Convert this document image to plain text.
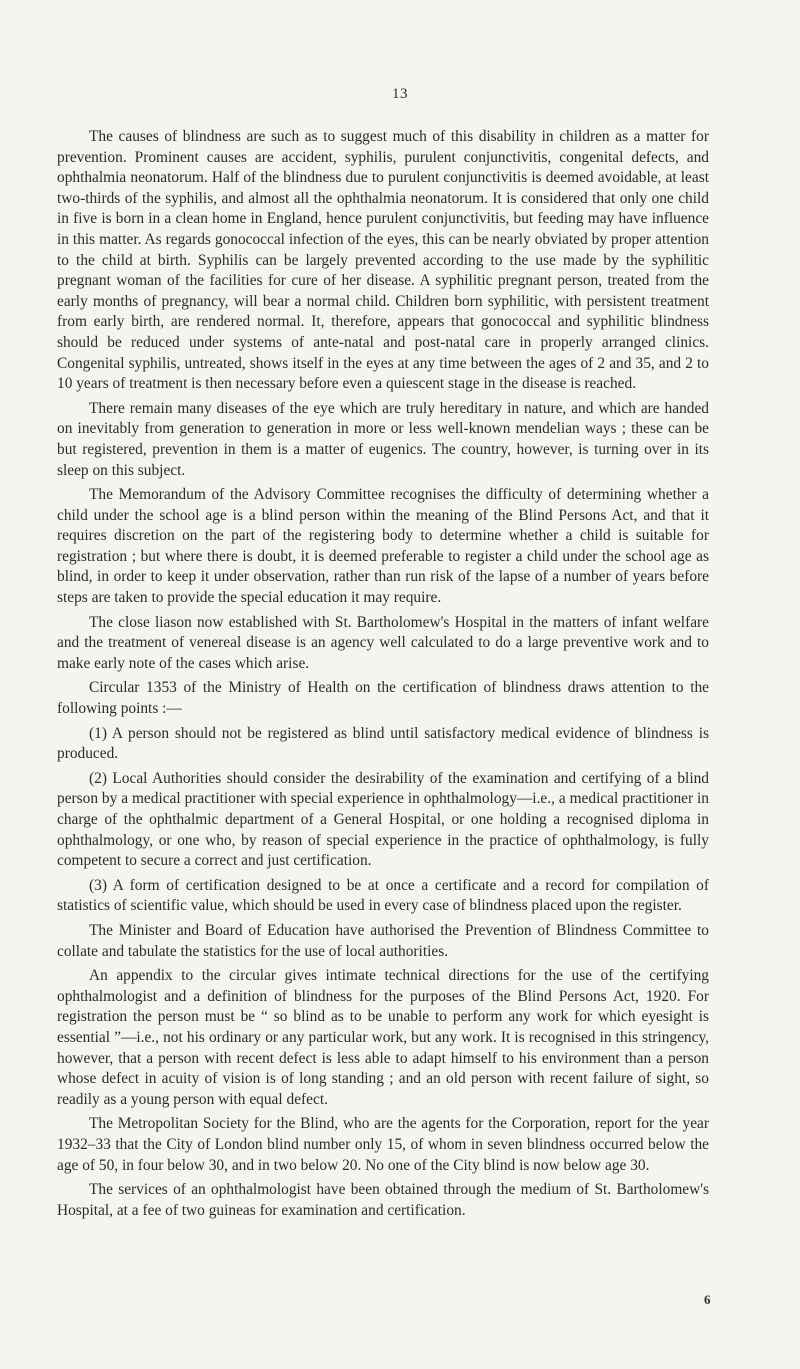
13

The causes of blindness are such as to suggest much of this disability in children as a matter for prevention. Prominent causes are accident, syphilis, purulent conjunctivitis, congenital defects, and ophthalmia neonatorum. Half of the blindness due to purulent conjunctivitis is deemed avoidable, at least two-thirds of the syphilis, and almost all the ophthalmia neonatorum. It is considered that only one child in five is born in a clean home in England, hence purulent conjunctivitis, but feeding may have influence in this matter. As regards gonococcal infection of the eyes, this can be nearly obviated by proper attention to the child at birth. Syphilis can be largely prevented according to the use made by the syphilitic pregnant woman of the facilities for cure of her disease. A syphilitic pregnant person, treated from the early months of pregnancy, will bear a normal child. Children born syphilitic, with persistent treatment from early birth, are rendered normal. It, therefore, appears that gonococcal and syphilitic blindness should be reduced under systems of ante-natal and post-natal care in properly arranged clinics. Congenital syphilis, untreated, shows itself in the eyes at any time between the ages of 2 and 35, and 2 to 10 years of treatment is then necessary before even a quiescent stage in the disease is reached.

There remain many diseases of the eye which are truly hereditary in nature, and which are handed on inevitably from generation to generation in more or less well-known mendelian ways ; these can be but registered, prevention in them is a matter of eugenics. The country, however, is turning over in its sleep on this subject.

The Memorandum of the Advisory Committee recognises the difficulty of determining whether a child under the school age is a blind person within the meaning of the Blind Persons Act, and that it requires discretion on the part of the registering body to determine whether a child is suitable for registration ; but where there is doubt, it is deemed preferable to register a child under the school age as blind, in order to keep it under observation, rather than run risk of the lapse of a number of years before steps are taken to provide the special education it may require.

The close liason now established with St. Bartholomew's Hospital in the matters of infant welfare and the treatment of venereal disease is an agency well calculated to do a large preventive work and to make early note of the cases which arise.

Circular 1353 of the Ministry of Health on the certification of blindness draws attention to the following points :—

(1) A person should not be registered as blind until satisfactory medical evidence of blindness is produced.

(2) Local Authorities should consider the desirability of the examination and certifying of a blind person by a medical practitioner with special experience in ophthalmology—i.e., a medical practitioner in charge of the ophthalmic department of a General Hospital, or one holding a recognised diploma in ophthalmology, or one who, by reason of special experience in the practice of ophthalmology, is fully competent to secure a correct and just certification.

(3) A form of certification designed to be at once a certificate and a record for compilation of statistics of scientific value, which should be used in every case of blindness placed upon the register.

The Minister and Board of Education have authorised the Prevention of Blindness Committee to collate and tabulate the statistics for the use of local authorities.

An appendix to the circular gives intimate technical directions for the use of the certifying ophthalmologist and a definition of blindness for the purposes of the Blind Persons Act, 1920. For registration the person must be “ so blind as to be unable to perform any work for which eyesight is essential ”—i.e., not his ordinary or any particular work, but any work. It is recognised in this stringency, however, that a person with recent defect is less able to adapt himself to his environment than a person whose defect in acuity of vision is of long standing ; and an old person with recent failure of sight, so readily as a young person with equal defect.

The Metropolitan Society for the Blind, who are the agents for the Corporation, report for the year 1932–33 that the City of London blind number only 15, of whom in seven blindness occurred below the age of 50, in four below 30, and in two below 20. No one of the City blind is now below age 30.

The services of an ophthalmologist have been obtained through the medium of St. Bartholomew's Hospital, at a fee of two guineas for examination and certification.

6
